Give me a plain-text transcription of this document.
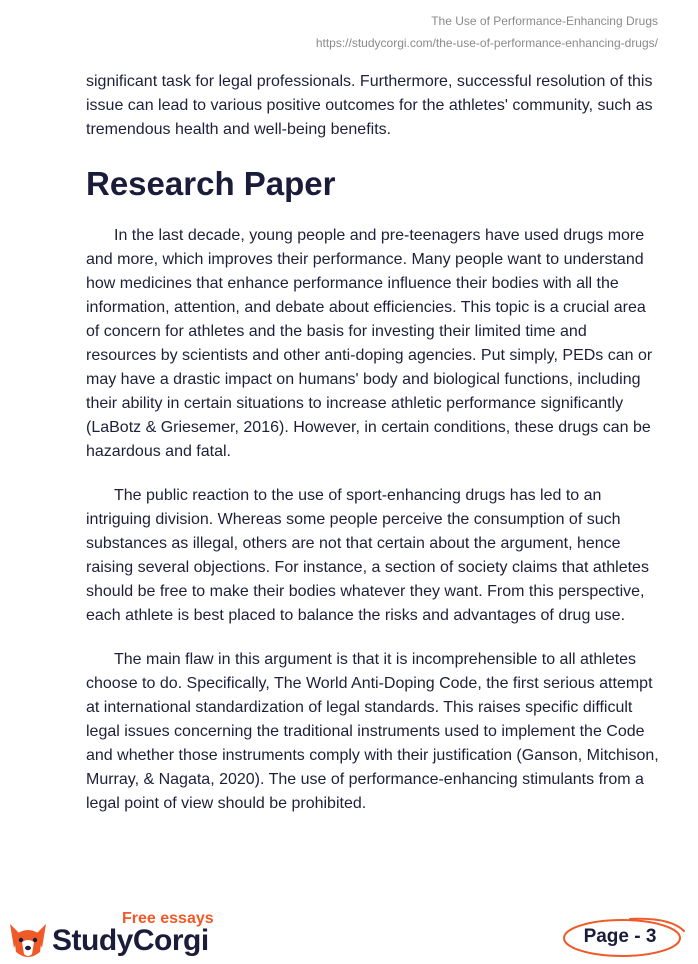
The Use of Performance-Enhancing Drugs
https://studycorgi.com/the-use-of-performance-enhancing-drugs/

significant task for legal professionals. Furthermore, successful resolution of this issue can lead to various positive outcomes for the athletes' community, such as tremendous health and well-being benefits.

Research Paper

In the last decade, young people and pre-teenagers have used drugs more and more, which improves their performance. Many people want to understand how medicines that enhance performance influence their bodies with all the information, attention, and debate about efficiencies. This topic is a crucial area of concern for athletes and the basis for investing their limited time and resources by scientists and other anti-doping agencies. Put simply, PEDs can or may have a drastic impact on humans' body and biological functions, including their ability in certain situations to increase athletic performance significantly (LaBotz & Griesemer, 2016). However, in certain conditions, these drugs can be hazardous and fatal.

The public reaction to the use of sport-enhancing drugs has led to an intriguing division. Whereas some people perceive the consumption of such substances as illegal, others are not that certain about the argument, hence raising several objections. For instance, a section of society claims that athletes should be free to make their bodies whatever they want. From this perspective, each athlete is best placed to balance the risks and advantages of drug use.

The main flaw in this argument is that it is incomprehensible to all athletes choose to do. Specifically, The World Anti-Doping Code, the first serious attempt at international standardization of legal standards. This raises specific difficult legal issues concerning the traditional instruments used to implement the Code and whether those instruments comply with their justification (Ganson, Mitchison, Murray, & Nagata, 2020). The use of performance-enhancing stimulants from a legal point of view should be prohibited.

Free essays
StudyCorgi	Page - 3
